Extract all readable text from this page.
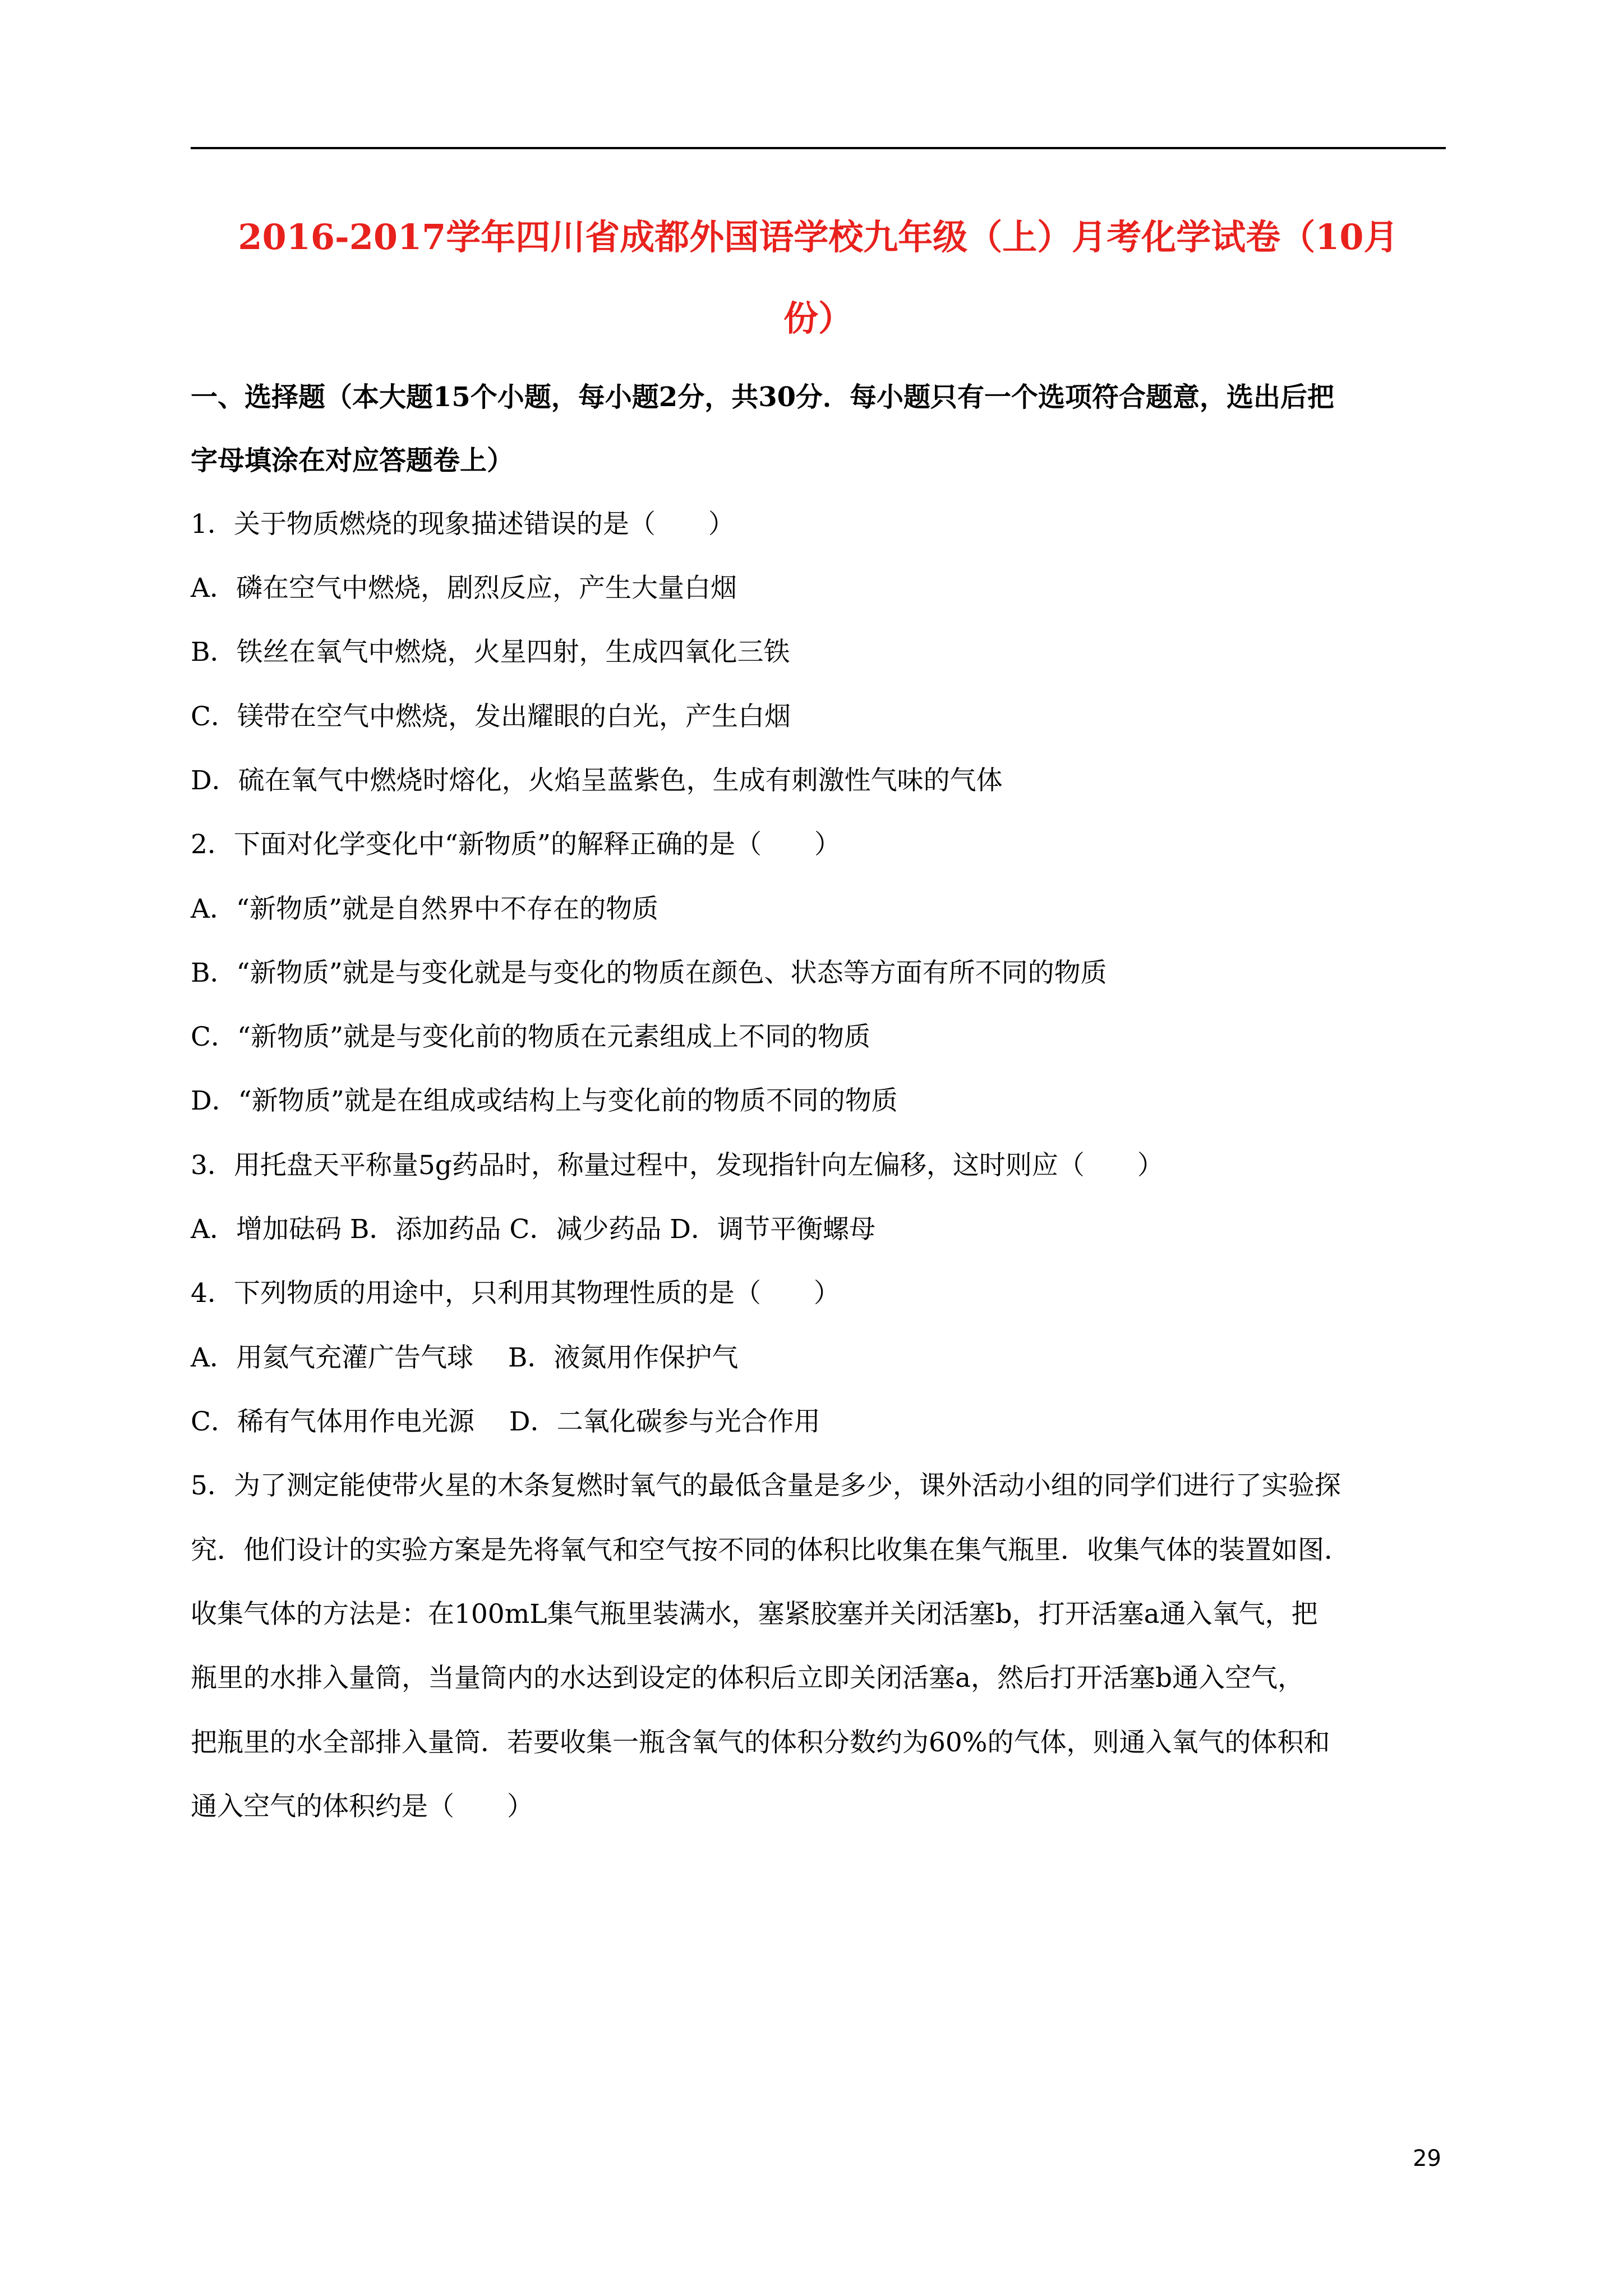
2016-2017学年四川省成都外国语学校九年级（上）月考化学试卷（10月
份）
一、选择题（本大题15个小题，每小题2分，共30分．每小题只有一个选项符合题意，选出后把
字母填涂在对应答题卷上）
1．关于物质燃烧的现象描述错误的是（　　）
A．磷在空气中燃烧，剧烈反应，产生大量白烟
B．铁丝在氧气中燃烧，火星四射，生成四氧化三铁
C．镁带在空气中燃烧，发出耀眼的白光，产生白烟
D．硫在氧气中燃烧时熔化，火焰呈蓝紫色，生成有刺激性气味的气体
2．下面对化学变化中“新物质”的解释正确的是（　　）
A．“新物质”就是自然界中不存在的物质
B．“新物质”就是与变化就是与变化的物质在颜色、状态等方面有所不同的物质
C．“新物质”就是与变化前的物质在元素组成上不同的物质
D．“新物质”就是在组成或结构上与变化前的物质不同的物质
3．用托盘天平称量5g药品时，称量过程中，发现指针向左偏移，这时则应（　　）
A．增加砝码 B．添加药品 C．减少药品 D．调节平衡螺母
4．下列物质的用途中，只利用其物理性质的是（　　）
A．用氦气充灌广告气球　 B．液氮用作保护气
C．稀有气体用作电光源　 D．二氧化碳参与光合作用
5．为了测定能使带火星的木条复燃时氧气的最低含量是多少，课外活动小组的同学们进行了实验探
究．他们设计的实验方案是先将氧气和空气按不同的体积比收集在集气瓶里．收集气体的装置如图．
收集气体的方法是：在100mL集气瓶里装满水，塞紧胶塞并关闭活塞b，打开活塞a通入氧气，把
瓶里的水排入量筒，当量筒内的水达到设定的体积后立即关闭活塞a，然后打开活塞b通入空气，
把瓶里的水全部排入量筒．若要收集一瓶含氧气的体积分数约为60%的气体，则通入氧气的体积和
通入空气的体积约是（　　）
29
